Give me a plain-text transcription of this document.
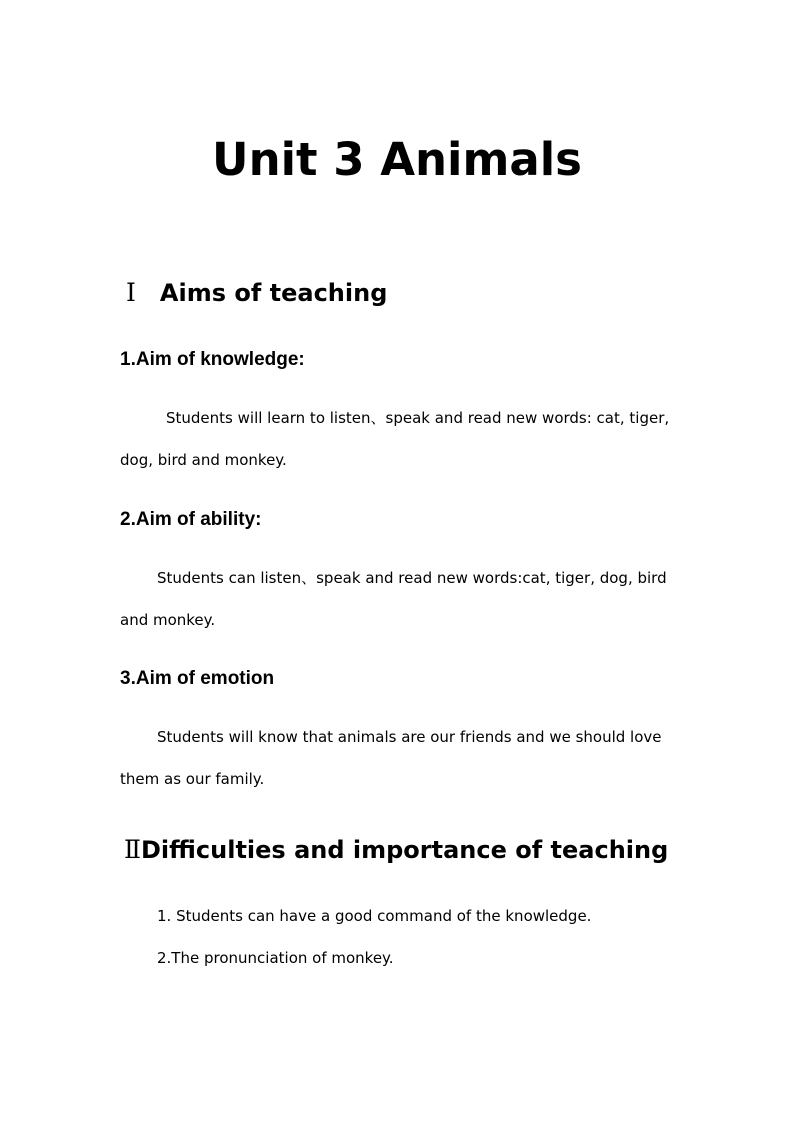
Unit 3 Animals
Ⅰ Aims of teaching
1.Aim of knowledge:

Students will learn to listen、speak and read new words: cat, tiger, dog, bird and monkey.

2.Aim of ability:

Students can listen、speak and read new words:cat, tiger, dog, bird and monkey.

3.Aim of emotion

Students will know that animals are our friends and we should love them as our family.

ⅡDifficulties and importance of teaching

1. Students can have a good command of the knowledge.

2.The pronunciation of monkey.
